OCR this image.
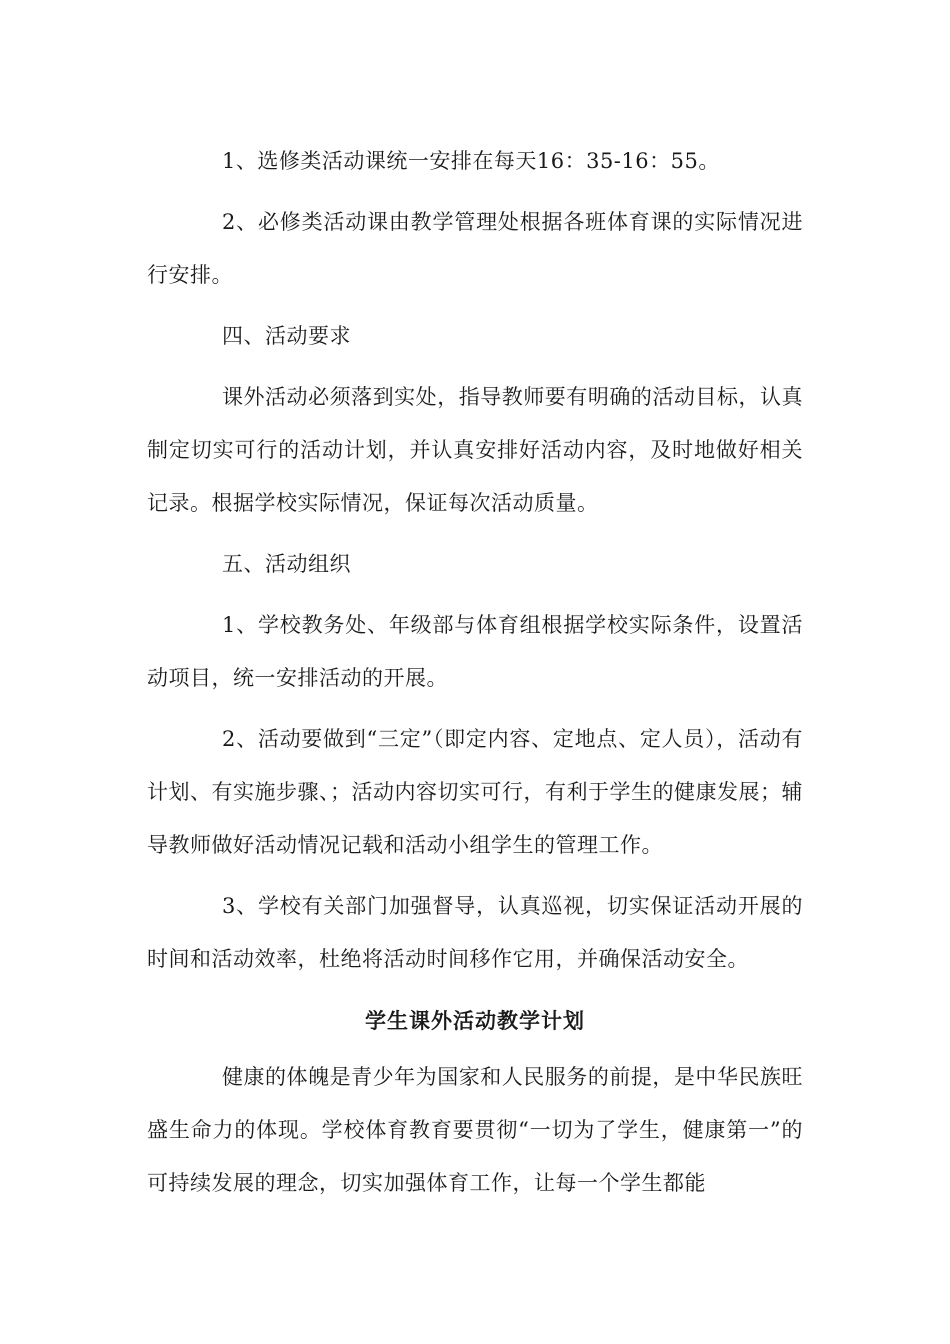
1、选修类活动课统一安排在每天16：35-16：55。

2、必修类活动课由教学管理处根据各班体育课的实际情况进行安排。

四、活动要求

课外活动必须落到实处，指导教师要有明确的活动目标，认真制定切实可行的活动计划，并认真安排好活动内容，及时地做好相关记录。根据学校实际情况，保证每次活动质量。

五、活动组织

1、学校教务处、年级部与体育组根据学校实际条件，设置活动项目，统一安排活动的开展。

2、活动要做到“三定”（即定内容、定地点、定人员），活动有计划、有实施步骤、；活动内容切实可行，有利于学生的健康发展；辅导教师做好活动情况记载和活动小组学生的管理工作。

3、学校有关部门加强督导，认真巡视，切实保证活动开展的时间和活动效率，杜绝将活动时间移作它用，并确保活动安全。

学生课外活动教学计划

健康的体魄是青少年为国家和人民服务的前提，是中华民族旺盛生命力的体现。学校体育教育要贯彻“一切为了学生，健康第一”的可持续发展的理念，切实加强体育工作，让每一个学生都能
